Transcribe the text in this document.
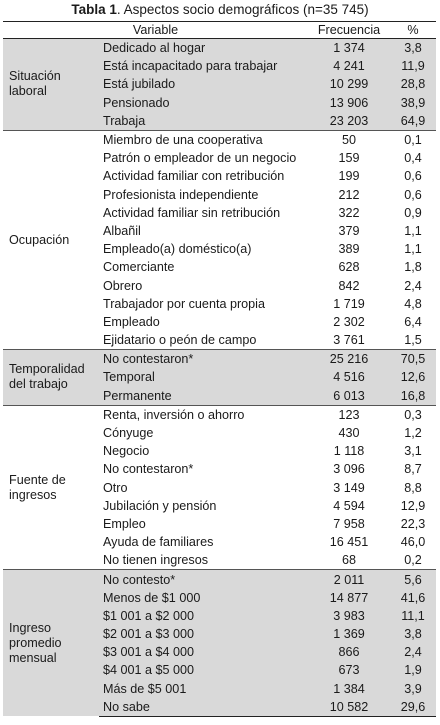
Tabla 1. Aspectos socio demográficos (n=35 745)
Variable		Frecuencia	%
Situación laboral	Dedicado al hogar	1 374	3,8
	Está incapacitado para trabajar	4 241	11,9
	Está jubilado	10 299	28,8
	Pensionado	13 906	38,9
	Trabaja	23 203	64,9
Ocupación	Miembro de una cooperativa	50	0,1
	Patrón o empleador de un negocio	159	0,4
	Actividad familiar con retribución	199	0,6
	Profesionista independiente	212	0,6
	Actividad familiar sin retribución	322	0,9
	Albañil	379	1,1
	Empleado(a) doméstico(a)	389	1,1
	Comerciante	628	1,8
	Obrero	842	2,4
	Trabajador por cuenta propia	1 719	4,8
	Empleado	2 302	6,4
	Ejidatario o peón de campo	3 761	1,5
Temporalidad del trabajo	No contestaron*	25 216	70,5
	Temporal	4 516	12,6
	Permanente	6 013	16,8
Fuente de ingresos	Renta, inversión o ahorro	123	0,3
	Cónyuge	430	1,2
	Negocio	1 118	3,1
	No contestaron*	3 096	8,7
	Otro	3 149	8,8
	Jubilación y pensión	4 594	12,9
	Empleo	7 958	22,3
	Ayuda de familiares	16 451	46,0
	No tienen ingresos	68	0,2
Ingreso promedio mensual	No contesto*	2 011	5,6
	Menos de $1 000	14 877	41,6
	$1 001 a $2 000	3 983	11,1
	$2 001 a $3 000	1 369	3,8
	$3 001 a $4 000	866	2,4
	$4 001 a $5 000	673	1,9
	Más de $5 001	1 384	3,9
	No sabe	10 582	29,6
